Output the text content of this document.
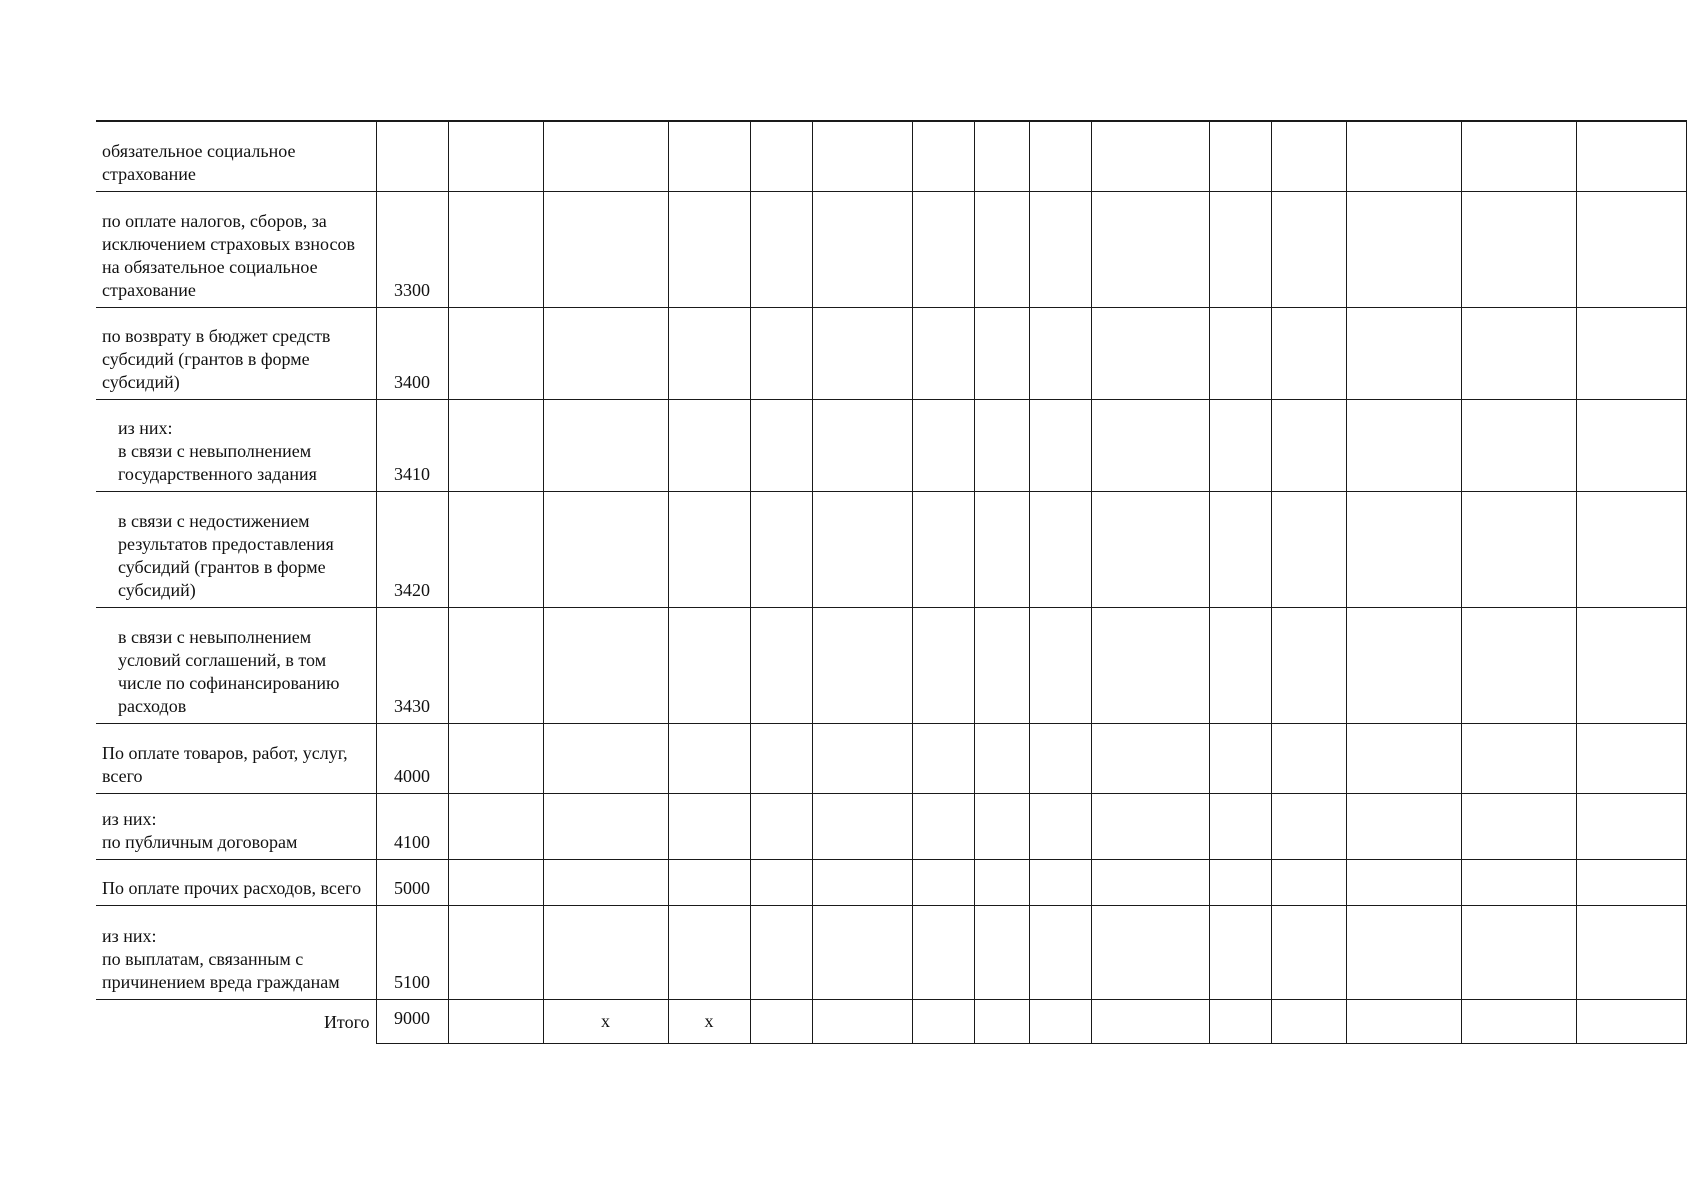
обязательное социальное
страхование																

по оплате налогов, сборов, за
исключением страховых взносов
на обязательное социальное
страхование	3300															

по возврату в бюджет средств
субсидий (грантов в форме
субсидий)	3400															

из них:
в связи с невыполнением
государственного задания	3410															

в связи с недостижением
результатов предоставления
субсидий (грантов в форме
субсидий)	3420															

в связи с невыполнением
условий соглашений, в том
числе по софинансированию
расходов	3430															

По оплате товаров, работ, услуг,
всего	4000															

из них:
по публичным договорам	4100															

По оплате прочих расходов, всего	5000															

из них:
по выплатам, связанным с
причинением вреда гражданам	5100															
Итого	9000		x	x												
